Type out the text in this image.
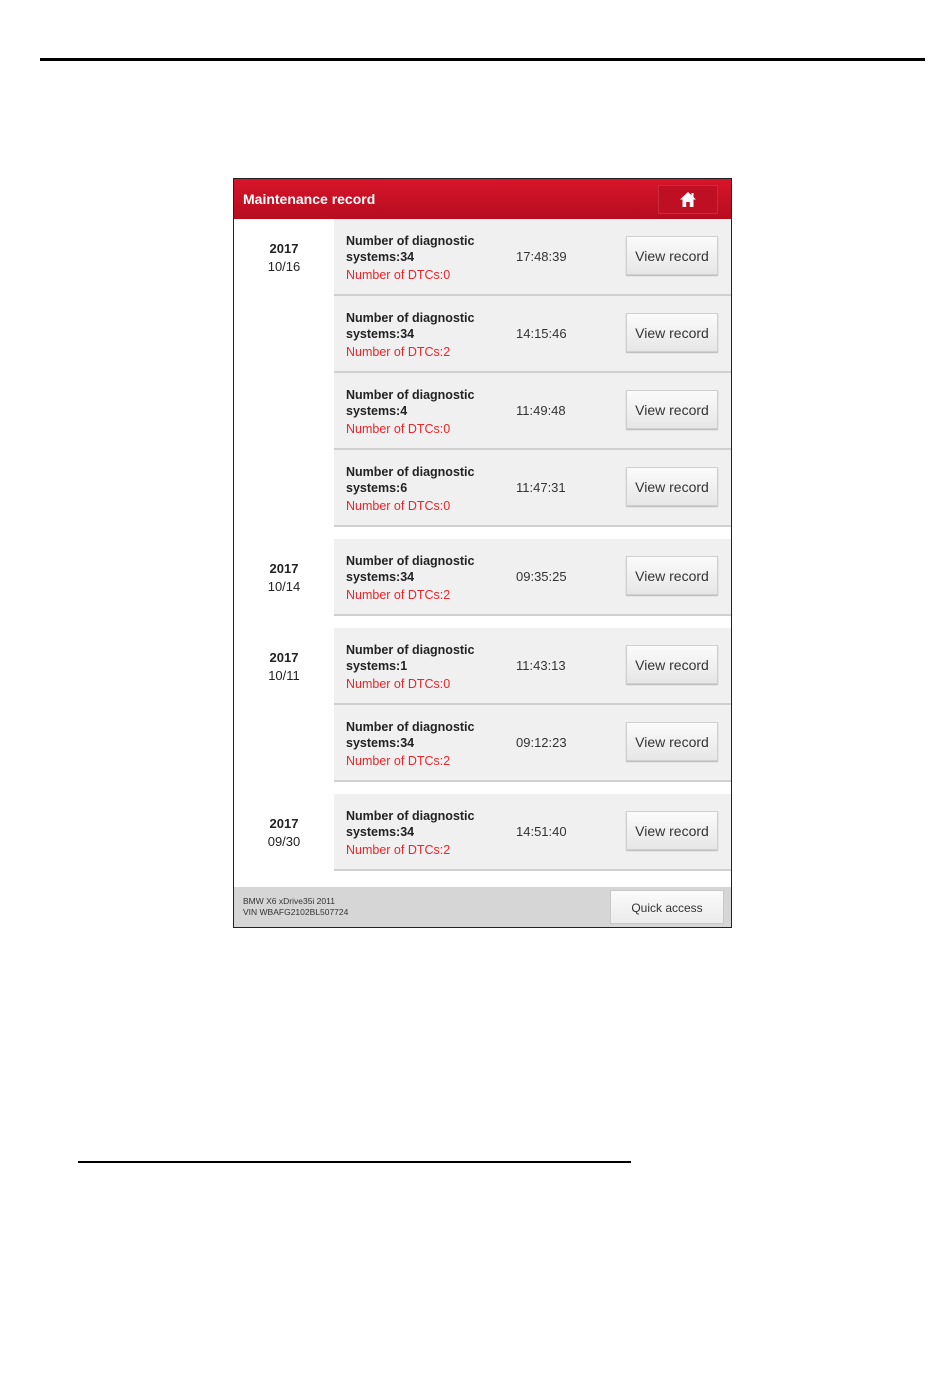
Maintenance record
2017
10/16
Number of diagnostic systems:34
Number of DTCs:0
17:48:39	View record
Number of diagnostic systems:34
Number of DTCs:2
14:15:46	View record
Number of diagnostic systems:4
Number of DTCs:0
11:49:48	View record
Number of diagnostic systems:6
Number of DTCs:0
11:47:31	View record
2017
10/14
Number of diagnostic systems:34
Number of DTCs:2
09:35:25	View record
2017
10/11
Number of diagnostic systems:1
Number of DTCs:0
11:43:13	View record
Number of diagnostic systems:34
Number of DTCs:2
09:12:23	View record
2017
09/30
Number of diagnostic systems:34
Number of DTCs:2
14:51:40	View record
BMW X6 xDrive35i 2011
VIN WBAFG2102BL507724	Quick access
